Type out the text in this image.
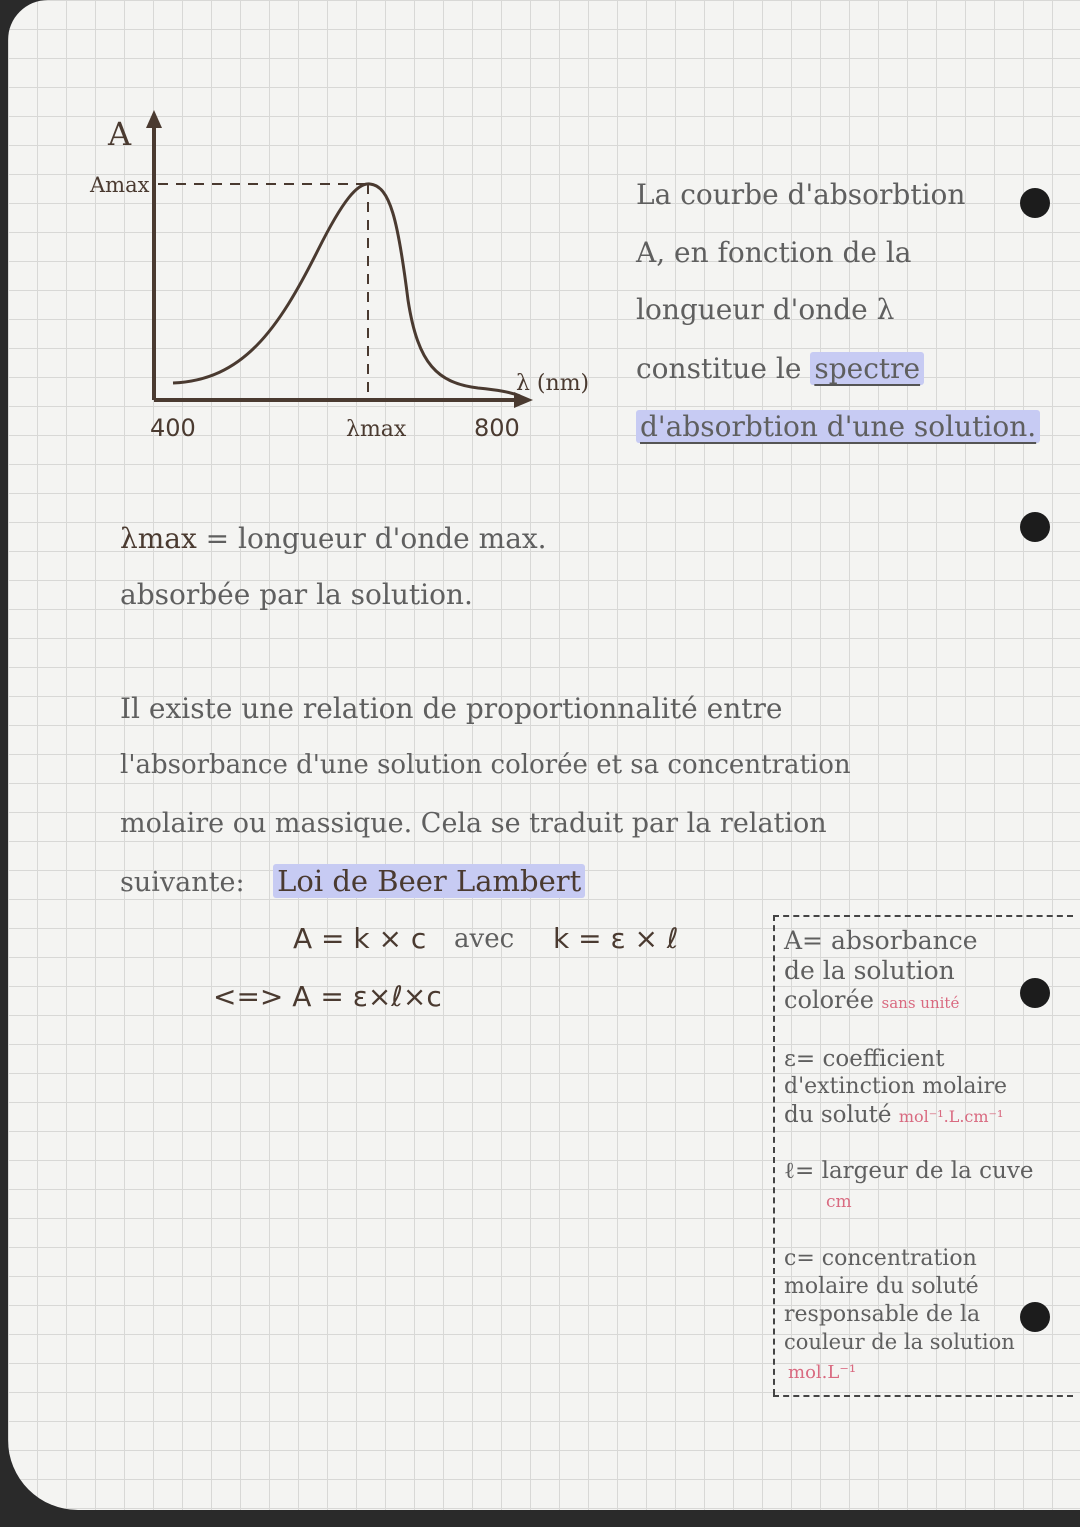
A
Amax
λ (nm)
400	λmax	800
La courbe d'absorbtion
A, en fonction de la
longueur d'onde λ
constitue le spectre
d'absorbtion d'une solution.
λmax = longueur d'onde max.
absorbée par la solution.
Il existe une relation de proportionnalité entre
l'absorbance d'une solution colorée et sa concentration
molaire ou massique. Cela se traduit par la relation
suivante: Loi de Beer Lambert
A = k × c avec k = ε × ℓ
<=> A = ε×ℓ×c
A= absorbance
de la solution
colorée sans unité
ε= coefficient
d'extinction molaire
du soluté mol⁻¹.L.cm⁻¹
ℓ= largeur de la cuve
cm
c= concentration
molaire du soluté
responsable de la
couleur de la solution
mol.L⁻¹
